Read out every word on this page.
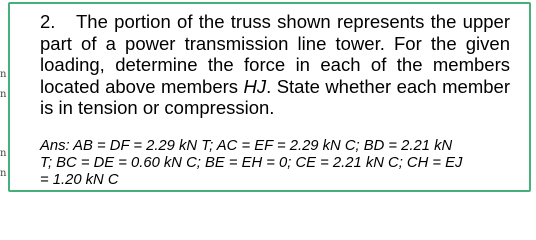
n
n
n
n
2. The portion of the truss shown represents the upper part of a power transmission line tower. For the given loading, determine the force in each of the members located above members HJ. State whether each member is in tension or compression.
Ans: AB = DF = 2.29 kN T; AC = EF = 2.29 kN C; BD = 2.21 kN
T; BC = DE = 0.60 kN C; BE = EH = 0; CE = 2.21 kN C; CH = EJ
= 1.20 kN C
